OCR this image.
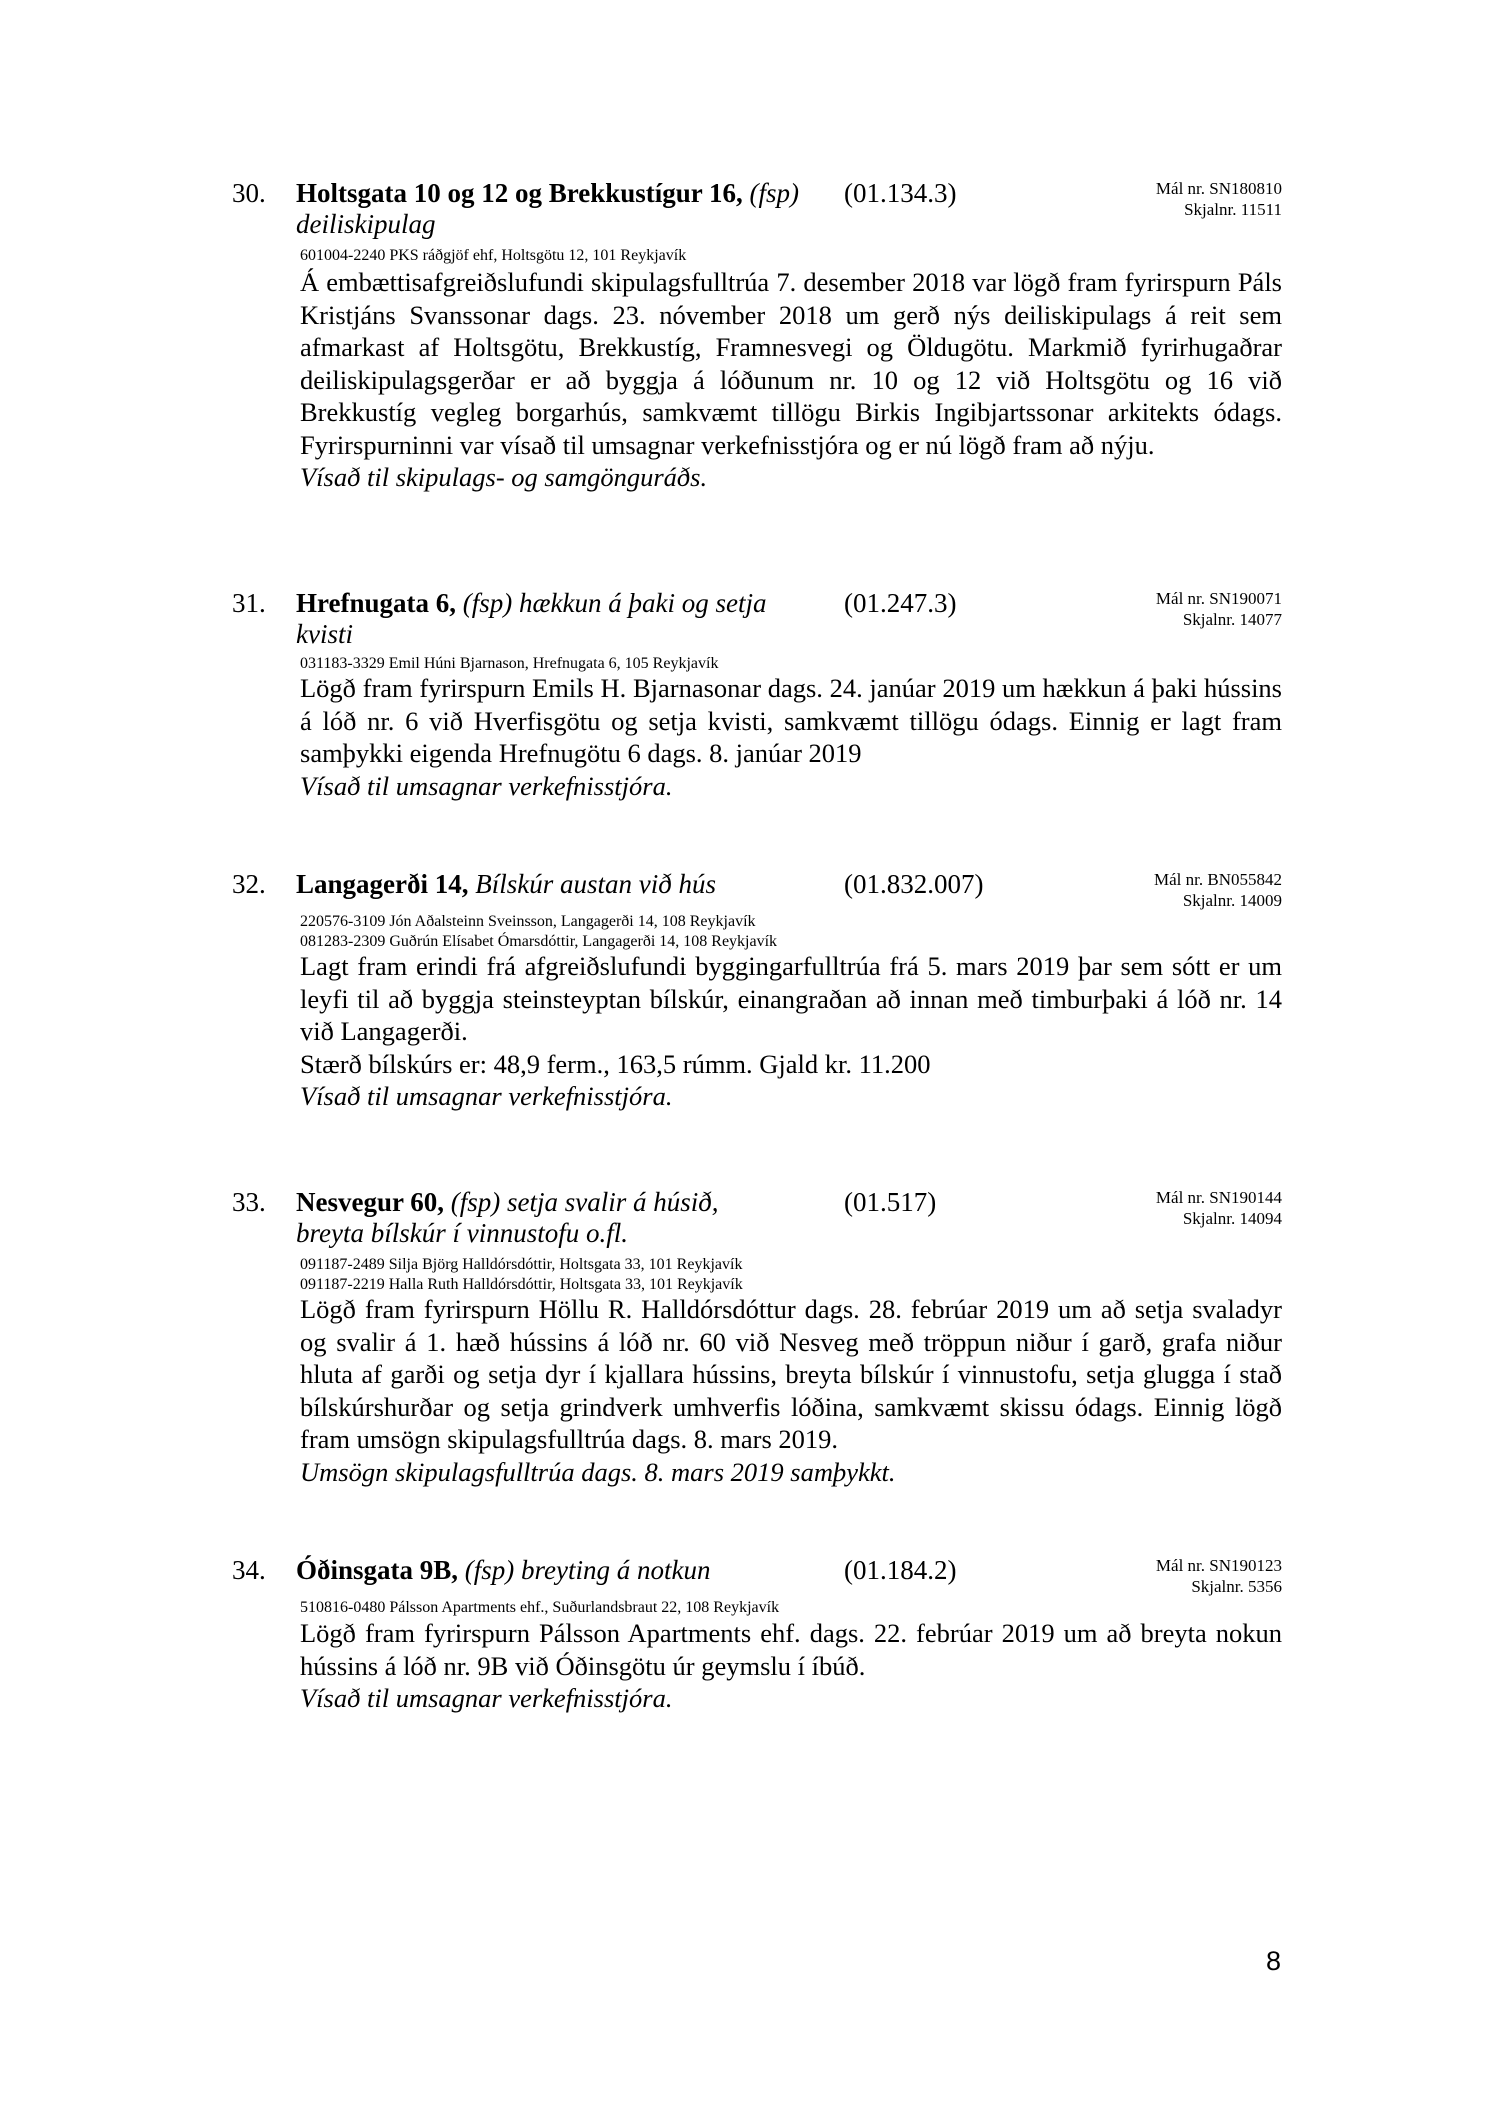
30. Holtsgata 10 og 12 og Brekkustígur 16, (fsp) deiliskipulag
(01.134.3)	Mál nr. SN180810
Skjalnr. 11511
601004-2240 PKS ráðgjöf ehf, Holtsgötu 12, 101 Reykjavík

Á embættisafgreiðslufundi skipulagsfulltrúa 7. desember 2018 var lögð fram fyrirspurn Páls Kristjáns Svanssonar dags. 23. nóvember 2018 um gerð nýs deiliskipulags á reit sem afmarkast af Holtsgötu, Brekkustíg, Framnesvegi og Öldugötu. Markmið fyrirhugaðrar deiliskipulagsgerðar er að byggja á lóðunum nr. 10 og 12 við Holtsgötu og 16 við Brekkustíg vegleg borgarhús, samkvæmt tillögu Birkis Ingibjartssonar arkitekts ódags. Fyrirspurninni var vísað til umsagnar verkefnisstjóra og er nú lögð fram að nýju.

Vísað til skipulags- og samgönguráðs.

31. Hrefnugata 6, (fsp) hækkun á þaki og setja kvisti
(01.247.3)	Mál nr. SN190071
Skjalnr. 14077
031183-3329 Emil Húni Bjarnason, Hrefnugata 6, 105 Reykjavík

Lögð fram fyrirspurn Emils H. Bjarnasonar dags. 24. janúar 2019 um hækkun á þaki hússins á lóð nr. 6 við Hverfisgötu og setja kvisti, samkvæmt tillögu ódags. Einnig er lagt fram samþykki eigenda Hrefnugötu 6 dags. 8. janúar 2019

Vísað til umsagnar verkefnisstjóra.

32. Langagerði 14, Bílskúr austan við hús	(01.832.007)	Mál nr. BN055842
Skjalnr. 14009
220576-3109 Jón Aðalsteinn Sveinsson, Langagerði 14, 108 Reykjavík
081283-2309 Guðrún Elísabet Ómarsdóttir, Langagerði 14, 108 Reykjavík

Lagt fram erindi frá afgreiðslufundi byggingarfulltrúa frá 5. mars 2019 þar sem sótt er um leyfi til að byggja steinsteyptan bílskúr, einangraðan að innan með timburþaki á lóð nr. 14 við Langagerði.

Stærð bílskúrs er: 48,9 ferm., 163,5 rúmm. Gjald kr. 11.200

Vísað til umsagnar verkefnisstjóra.

33. Nesvegur 60, (fsp) setja svalir á húsið, breyta bílskúr í vinnustofu o.fl.
(01.517)	Mál nr. SN190144
Skjalnr. 14094
091187-2489 Silja Björg Halldórsdóttir, Holtsgata 33, 101 Reykjavík
091187-2219 Halla Ruth Halldórsdóttir, Holtsgata 33, 101 Reykjavík

Lögð fram fyrirspurn Höllu R. Halldórsdóttur dags. 28. febrúar 2019 um að setja svaladyr og svalir á 1. hæð hússins á lóð nr. 60 við Nesveg með tröppun niður í garð, grafa niður hluta af garði og setja dyr í kjallara hússins, breyta bílskúr í vinnustofu, setja glugga í stað bílskúrshurðar og setja grindverk umhverfis lóðina, samkvæmt skissu ódags. Einnig lögð fram umsögn skipulagsfulltrúa dags. 8. mars 2019.

Umsögn skipulagsfulltrúa dags. 8. mars 2019 samþykkt.

34. Óðinsgata 9B, (fsp) breyting á notkun	(01.184.2)	Mál nr. SN190123
Skjalnr. 5356
510816-0480 Pálsson Apartments ehf., Suðurlandsbraut 22, 108 Reykjavík

Lögð fram fyrirspurn Pálsson Apartments ehf. dags. 22. febrúar 2019 um að breyta nokun hússins á lóð nr. 9B við Óðinsgötu úr geymslu í íbúð.

Vísað til umsagnar verkefnisstjóra.

8
